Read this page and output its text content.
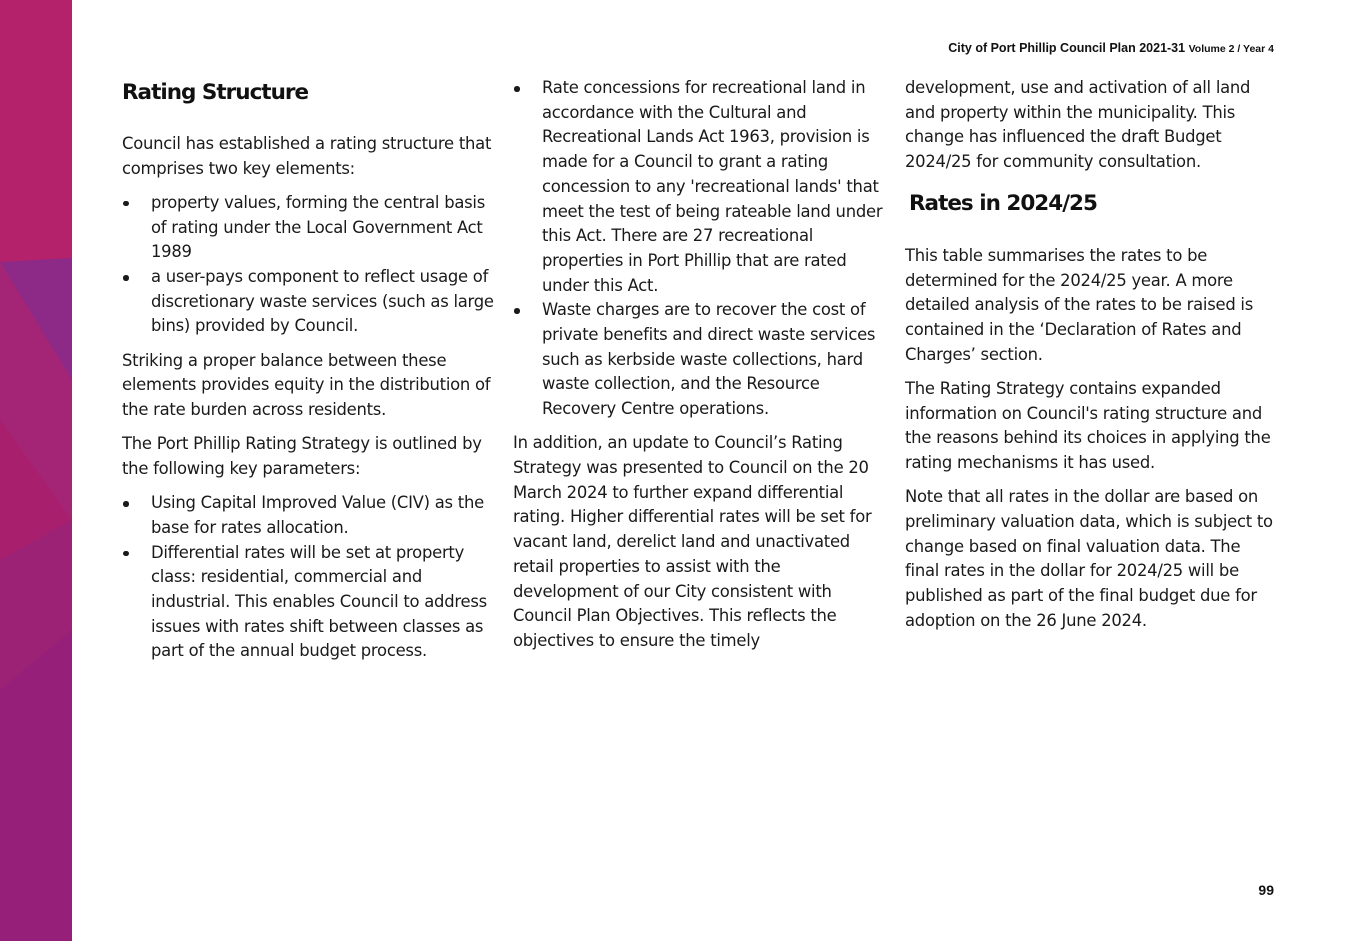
City of Port Phillip Council Plan 2021-31 Volume 2 / Year 4
Rating Structure

Council has established a rating structure that comprises two key elements:

property values, forming the central basis of rating under the Local Government Act 1989
a user-pays component to reflect usage of discretionary waste services (such as large bins) provided by Council.

Striking a proper balance between these elements provides equity in the distribution of the rate burden across residents.

The Port Phillip Rating Strategy is outlined by the following key parameters:

Using Capital Improved Value (CIV) as the base for rates allocation.
Differential rates will be set at property class: residential, commercial and industrial. This enables Council to address issues with rates shift between classes as part of the annual budget process.
Rate concessions for recreational land in accordance with the Cultural and Recreational Lands Act 1963, provision is made for a Council to grant a rating concession to any 'recreational lands' that meet the test of being rateable land under this Act. There are 27 recreational properties in Port Phillip that are rated under this Act.
Waste charges are to recover the cost of private benefits and direct waste services such as kerbside waste collections, hard waste collection, and the Resource Recovery Centre operations.

In addition, an update to Council’s Rating Strategy was presented to Council on the 20 March 2024 to further expand differential rating. Higher differential rates will be set for vacant land, derelict land and unactivated retail properties to assist with the development of our City consistent with Council Plan Objectives. This reflects the objectives to ensure the timely

development, use and activation of all land and property within the municipality. This change has influenced the draft Budget 2024/25 for community consultation.

Rates in 2024/25

This table summarises the rates to be determined for the 2024/25 year. A more detailed analysis of the rates to be raised is contained in the ‘Declaration of Rates and Charges’ section.

The Rating Strategy contains expanded information on Council's rating structure and the reasons behind its choices in applying the rating mechanisms it has used.

Note that all rates in the dollar are based on preliminary valuation data, which is subject to change based on final valuation data. The final rates in the dollar for 2024/25 will be published as part of the final budget due for adoption on the 26 June 2024.

99
